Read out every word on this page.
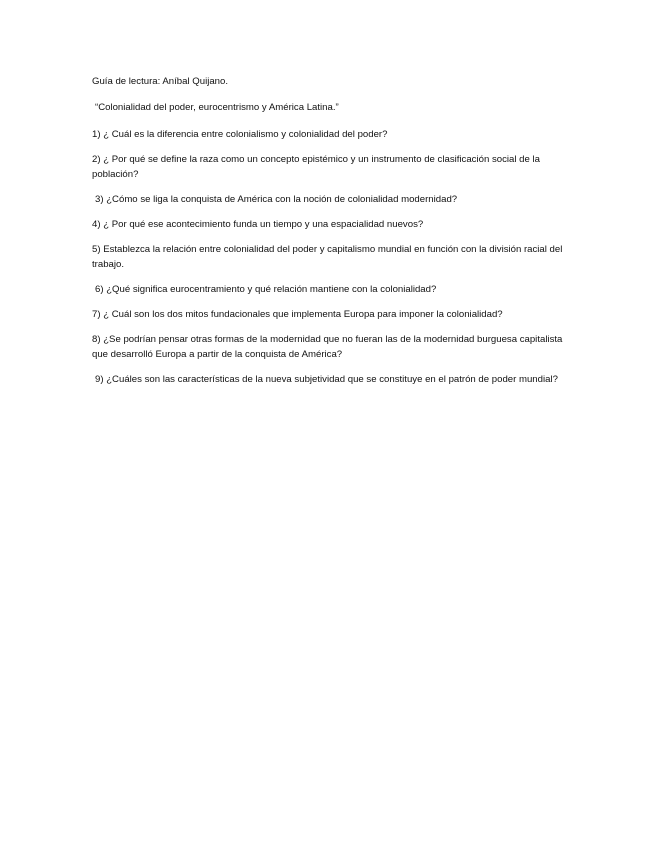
Guía de lectura: Aníbal Quijano.

“Colonialidad del poder, eurocentrismo y América Latina.”

1) ¿ Cuál es la diferencia entre colonialismo y colonialidad del poder?

2) ¿ Por qué se define la raza como un concepto epistémico y un instrumento de clasificación social de la población?

3) ¿Cómo se liga la conquista de América con la noción de colonialidad modernidad?

4) ¿ Por qué ese acontecimiento funda un tiempo y una espacialidad nuevos?

5) Establezca la relación entre colonialidad del poder y capitalismo mundial en función con la división racial del trabajo.

6) ¿Qué significa eurocentramiento y qué relación mantiene con la colonialidad?

7) ¿ Cuál son los dos mitos fundacionales que implementa Europa para imponer la colonialidad?

8) ¿Se podrían pensar otras formas de la modernidad que no fueran las de la modernidad burguesa capitalista que desarrolló Europa a partir de la conquista de América?

9) ¿Cuáles son las características de la nueva subjetividad que se constituye en el patrón de poder mundial?
